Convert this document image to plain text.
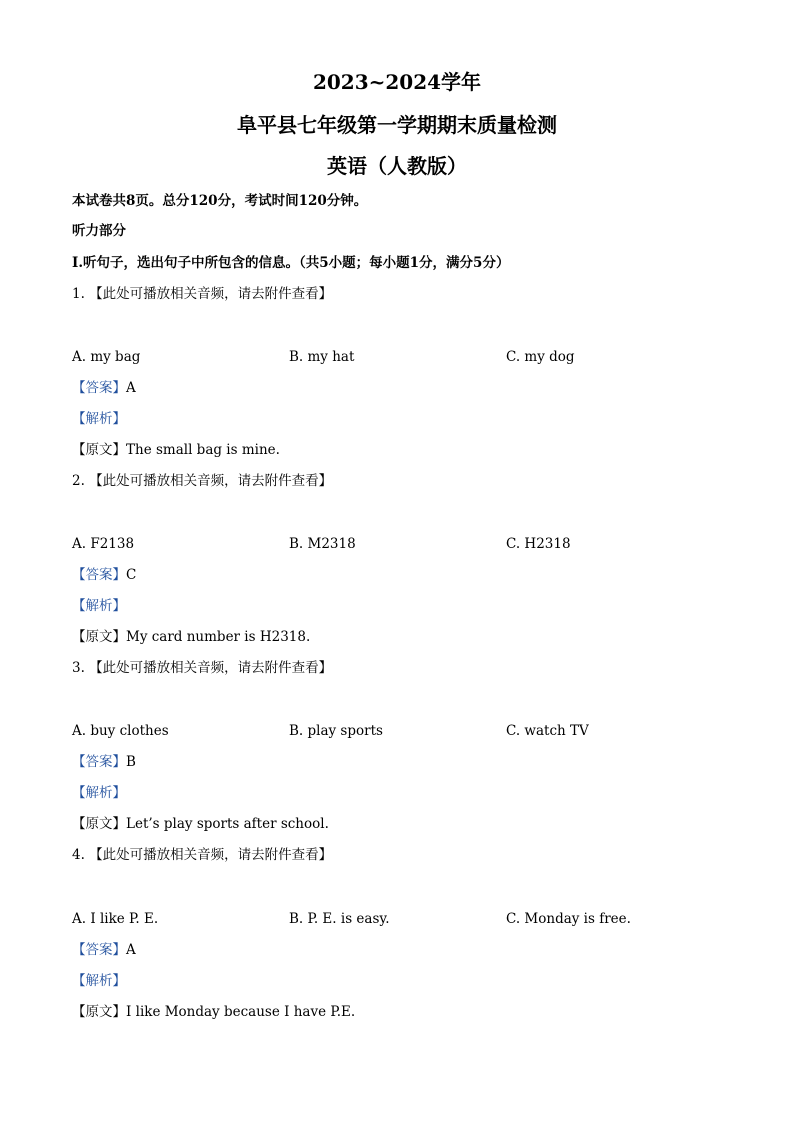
2023~2024学年
阜平县七年级第一学期期末质量检测
英语（人教版）
本试卷共8页。总分120分，考试时间120分钟。
听力部分
Ⅰ.听句子，选出句子中所包含的信息。（共5小题；每小题1分，满分5分）
1. 【此处可播放相关音频，请去附件查看】
A. my bag	B. my hat	C. my dog
【答案】A
【解析】
【原文】The small bag is mine.
2. 【此处可播放相关音频，请去附件查看】
A. F2138	B. M2318	C. H2318
【答案】C
【解析】
【原文】My card number is H2318.
3. 【此处可播放相关音频，请去附件查看】
A. buy clothes	B. play sports	C. watch TV
【答案】B
【解析】
【原文】Let’s play sports after school.
4. 【此处可播放相关音频，请去附件查看】
A. I like P. E.	B. P. E. is easy.	C. Monday is free.
【答案】A
【解析】
【原文】I like Monday because I have P.E.
